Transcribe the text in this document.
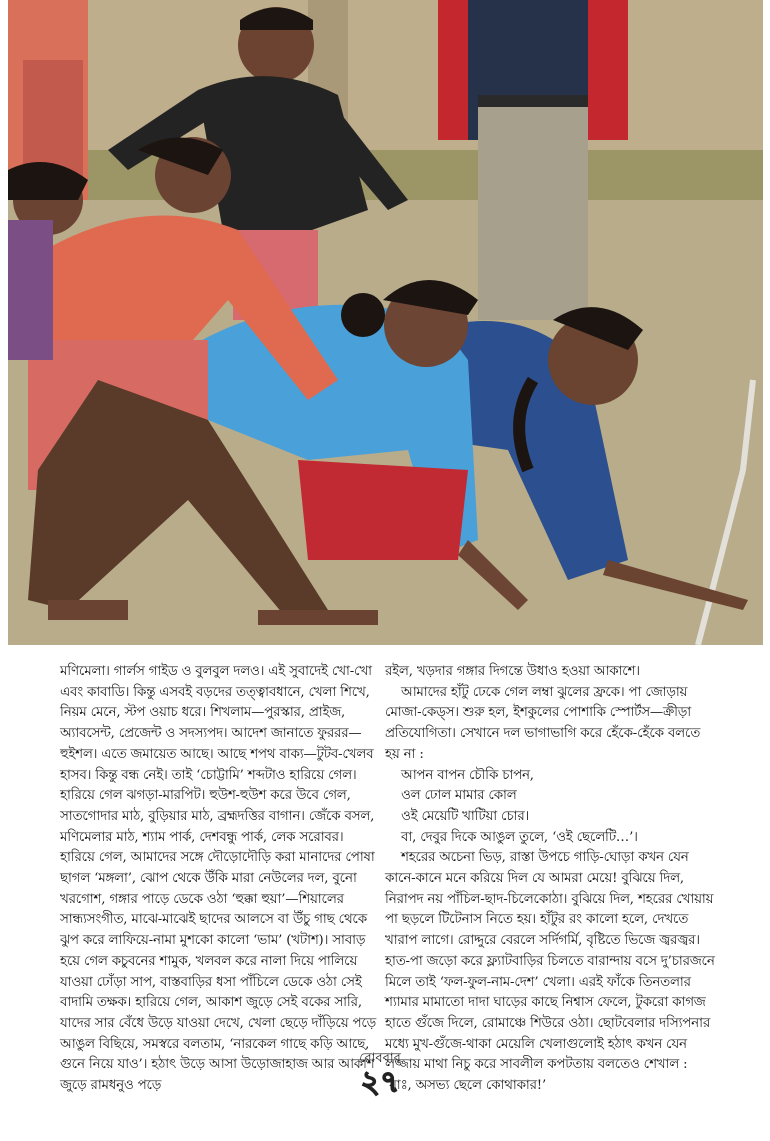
মণিমেলা। গার্লস গাইড ও বুলবুল দলও। এই সুবাদেই খো-খো এবং কাবাডি। কিন্তু এসবই বড়দের তত্ত্বাবধানে, খেলা শিখে, নিয়ম মেনে, স্টপ ওয়াচ ধরে। শিখলাম—পুরস্কার, প্রাইজ, অ্যাবসেন্ট, প্রেজেন্ট ও সদস্যপদ। আদেশ জানাতে ফুররর—হুইশল। এতে জমায়েত আছে। আছে শপথ বাক্য—টুটব-খেলব হাসব। কিন্তু বন্ধ নেই। তাই ‘চোট্টামি’ শব্দটাও হারিয়ে গেল। হারিয়ে গেল ঝগড়া-মারপিট। হুউশ-হুউশ করে উবে গেল, সাতগোদার মাঠ, বুড়িয়ার মাঠ, ব্রহ্মদত্তির বাগান। জেঁকে বসল, মণিমেলার মাঠ, শ্যাম পার্ক, দেশবন্ধু পার্ক, লেক সরোবর। হারিয়ে গেল, আমাদের সঙ্গে দৌড়োদৌড়ি করা মানাদের পোষা ছাগল ‘মঙ্গলা’, ঝোপ থেকে উঁকি মারা নেউলের দল, বুনো খরগোশ, গঙ্গার পাড়ে ডেকে ওঠা ‘হুক্কা হুয়া’—শিয়ালের সান্ধ্যসংগীত, মাঝে-মাঝেই ছাদের আলসে বা উঁচু গাছ থেকে ঝুপ করে লাফিয়ে-নামা মুশকো কালো ‘ভাম’ (খটাশ)। সাবাড় হয়ে গেল কচুবনের শামুক, খলবল করে নালা দিয়ে পালিয়ে যাওয়া ঢোঁড়া সাপ, বাস্তবাড়ির ধসা পাঁচিলে ডেকে ওঠা সেই বাদামি তক্ষক। হারিয়ে গেল, আকাশ জুড়ে সেই বকের সারি, যাদের সার বেঁধে উড়ে যাওয়া দেখে, খেলা ছেড়ে দাঁড়িয়ে পড়ে আঙুল বিছিয়ে, সমস্বরে বলতাম, ‘নারকেল গাছে কড়ি আছে, গুনে নিয়ে যাও’। হঠাৎ উড়ে আসা উড়োজাহাজ আর আকাশ জুড়ে রামধনুও পড়ে

রইল, খড়দার গঙ্গার দিগন্তে উধাও হওয়া আকাশে।

আমাদের হাঁটু ঢেকে গেল লম্বা ঝুলের ফ্রকে। পা জোড়ায় মোজা-কেড্‌স। শুরু হল, ইশকুলের পোশাকি স্পোর্টস—ক্রীড়া প্রতিযোগিতা। সেখানে দল ভাগাভাগি করে হেঁকে-হেঁকে বলতে হয় না :

আপন বাপন চৌকি চাপন,

ওল ঢোল মামার কোল

ওই মেয়েটি খাটিয়া চোর।

বা, দেবুর দিকে আঙুল তুলে, ‘ওই ছেলেটি…’।

শহরের অচেনা ভিড়, রাস্তা উপচে গাড়ি-ঘোড়া কখন যেন কানে-কানে মনে করিয়ে দিল যে আমরা মেয়ে! বুঝিয়ে দিল, নিরাপদ নয় পাঁচিল-ছাদ-চিলেকোঠা। বুঝিয়ে দিল, শহরের খোয়ায় পা ছড়লে টিটেনাস নিতে হয়। হাঁটুর রং কালো হলে, দেখতে খারাপ লাগে। রোদ্দুরে বেরলে সর্দিগর্মি, বৃষ্টিতে ভিজে জ্বরজ্বর। হাত-পা জড়ো করে ফ্ল্যাটবাড়ির চিলতে বারান্দায় বসে দু’চারজনে মিলে তাই ‘ফল-ফুল-নাম-দেশ’ খেলা। এরই ফাঁকে তিনতলার শ্যামার মামাতো দাদা ঘাড়ের কাছে নিশ্বাস ফেলে, টুকরো কাগজ হাতে গুঁজে দিলে, রোমাঞ্চে শিউরে ওঠা। ছোটবেলার দস্যিপনার মধ্যে মুখ-গুঁজে-থাকা মেয়েলি খেলাগুলোই হঠাৎ কখন যেন লজ্জায় মাথা নিচু করে সাবলীল কপটতায় বলতেও শেখাল : ‘যাঃ, অসভ্য ছেলে কোথাকার!’

রোববার
২৭
